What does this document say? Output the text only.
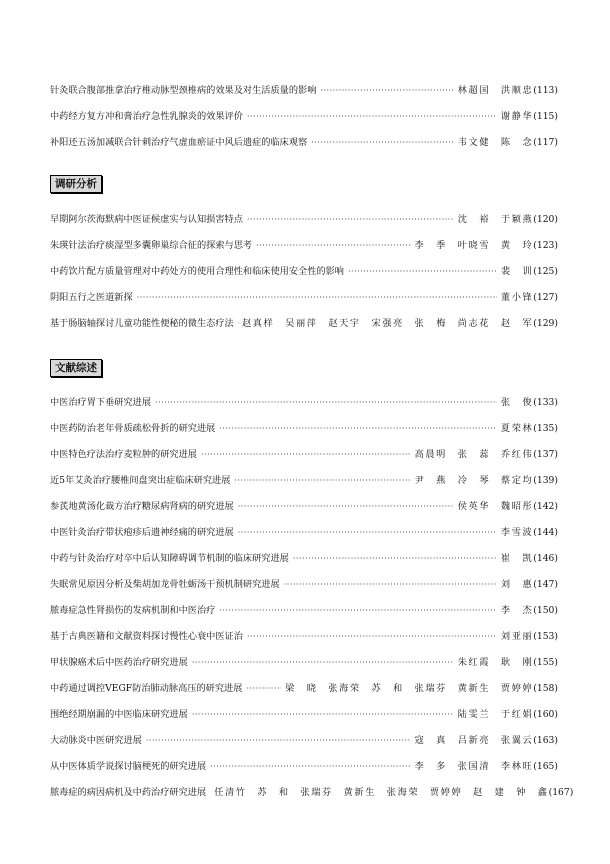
针灸联合腹部推拿治疗椎动脉型颈椎病的效果及对生活质量的影响 ·····	林超国　洪顺忠 (113)
中药经方复方冲和膏治疗急性乳腺炎的效果评价 ·····	谢静华 (115)
补阳还五汤加减联合针刺治疗气虚血瘀证中风后遗症的临床观察 ·····	韦文健　陈　念 (117)
调研分析
早期阿尔茨海默病中医证候虚实与认知损害特点 ·····	沈　裕　于颖燕 (120)
朱瑛针法治疗痰湿型多囊卵巢综合征的探索与思考 ·····	李　季　叶晓雪　黄　玲 (123)
中药饮片配方质量管理对中药处方的使用合理性和临床使用安全性的影响 ·····	裴　训 (125)
阴阳五行之医道新探 ·····	董小锋 (127)
基于肠脑轴探讨儿童功能性便秘的微生态疗法 ····· 赵真样　吴丽萍　赵天宇　宋强亮　张　梅　尚志花　赵　军 (129)
文献综述
中医治疗胃下垂研究进展 ·····	张　俊 (133)
中医药防治老年骨质疏松骨折的研究进展 ·····	夏荣林 (135)
中医特色疗法治疗麦粒肿的研究进展 ·····	高晨明　张　蕊　乔红伟 (137)
近5年艾灸治疗腰椎间盘突出症临床研究进展 ·····	尹　燕　冷　琴　蔡定均 (139)
参芪地黄汤化裁方治疗糖尿病肾病的研究进展 ·····	侯英华　魏昭彤 (142)
中医针灸治疗带状疱疹后遗神经痛的研究进展 ·····	李雪波 (144)
中药与针灸治疗对卒中后认知障碍调节机制的临床研究进展 ·····	崔　凯 (146)
失眠常见原因分析及柴胡加龙骨牡蛎汤干预机制研究进展 ·····	刘　惠 (147)
脓毒症急性肾损伤的发病机制和中医治疗 ·····	李　杰 (150)
基于古典医籍和文献资料探讨慢性心衰中医证治 ·····	刘亚丽 (153)
甲状腺癌术后中医药治疗研究进展 ·····	朱红霞　耿　刚 (155)
中药通过调控VEGF防治肺动脉高压的研究进展 ·····	梁　晓　张海荣　苏　和　张瑞芬　黄新生　贾婷婷 (158)
围绝经期崩漏的中医临床研究进展 ·····	陆雯兰　于红娟 (160)
大动脉炎中医研究进展 ·····	寇　真　吕新亮　张翼云 (163)
从中医体质学说探讨脑梗死的研究进展 ·····	李　多　张国清　李林旺 (165)
脓毒症的病因病机及中药治疗研究进展 任清竹　苏　和　张瑞芬　黄新生　张海荣　贾婷婷　赵　建　钟　鑫 (167)
